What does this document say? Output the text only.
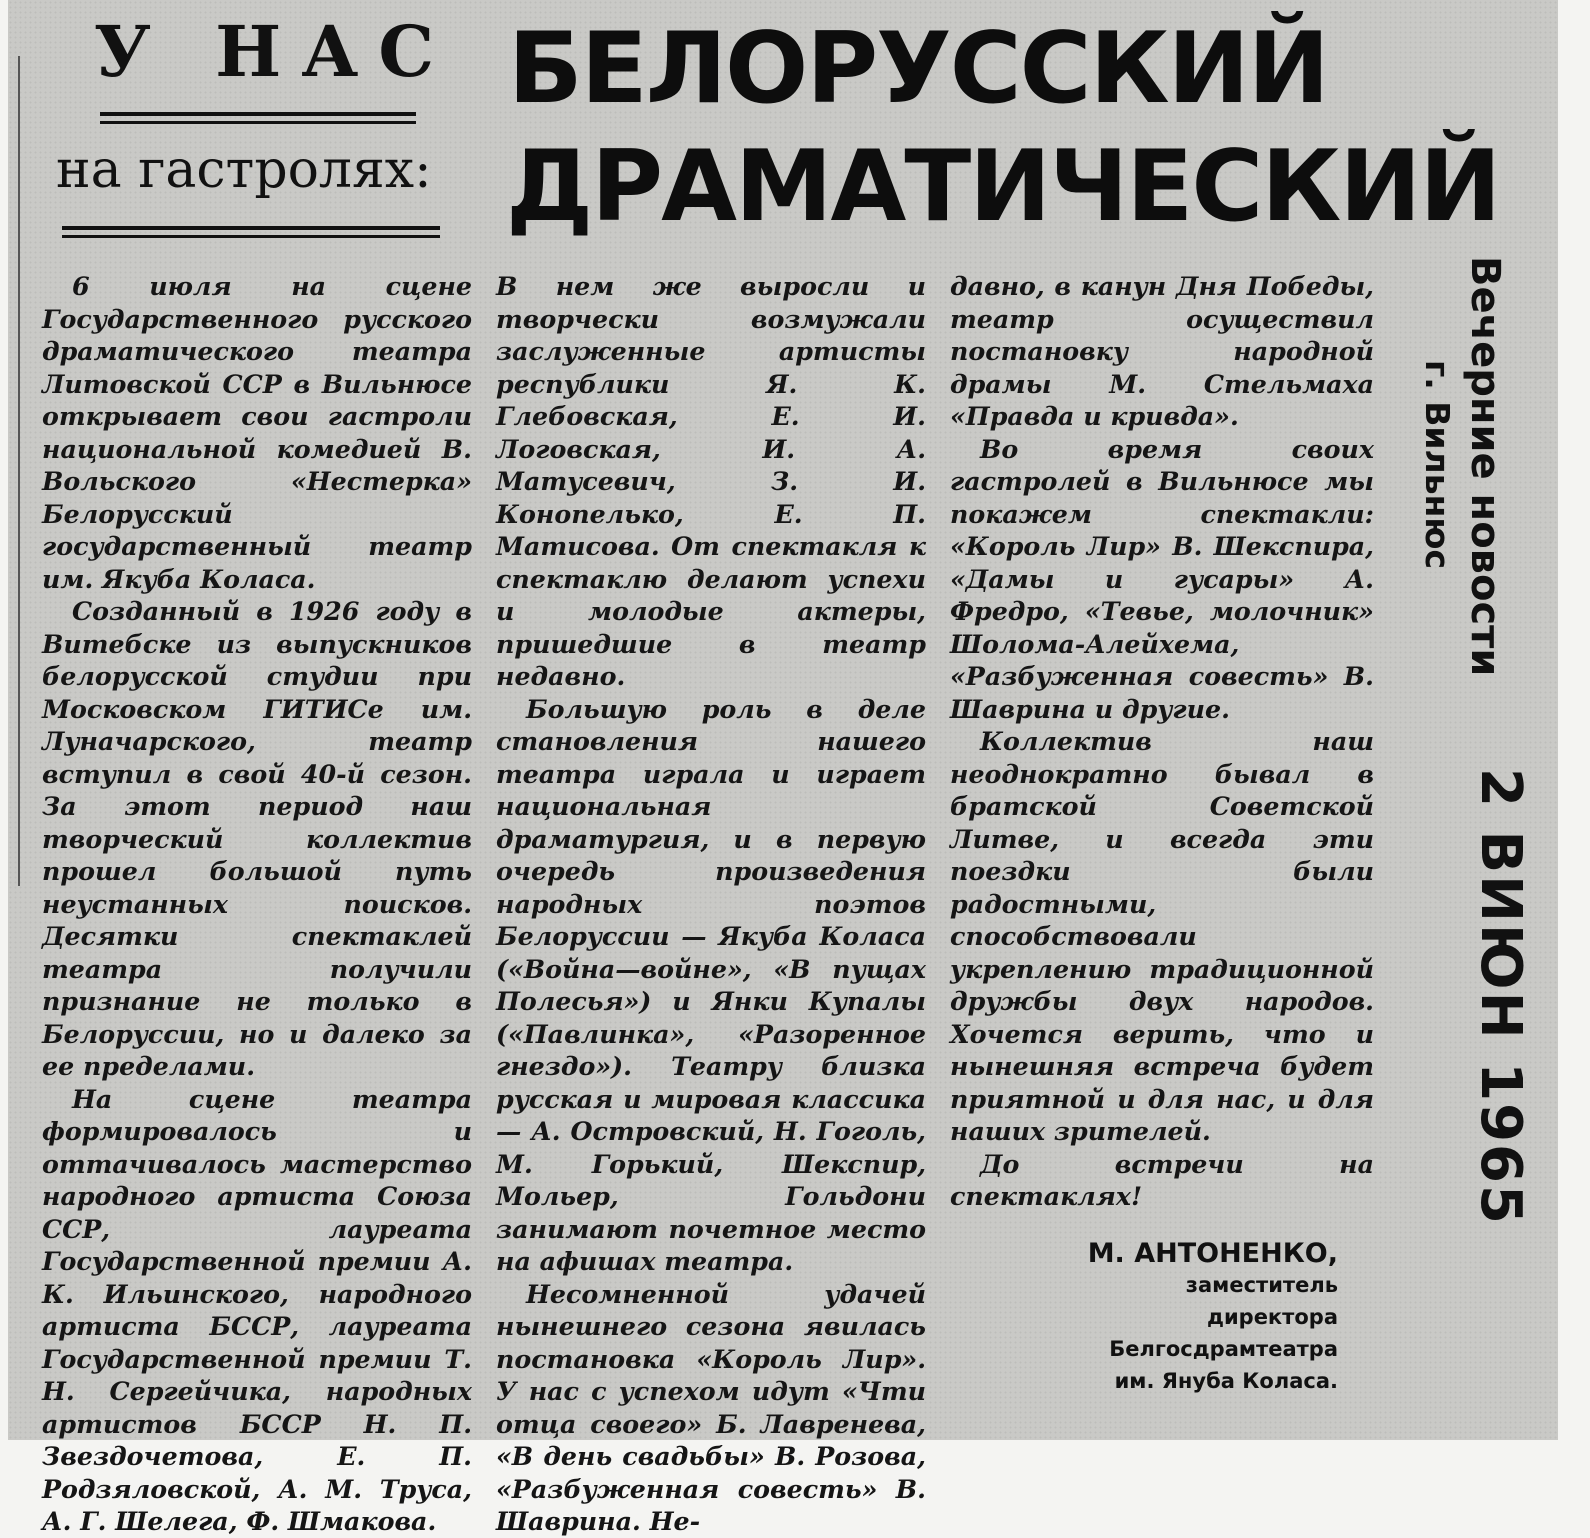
У НАС
на гастролях:
БЕЛОРУССКИЙ
ДРАМАТИЧЕСКИЙ

6 июля на сцене Государственного русского драматического театра Литовской ССР в Вильнюсе открывает свои гастроли национальной комедией В. Вольского «Нестерка» Белорусский государственный театр им. Якуба Коласа.

Созданный в 1926 году в Витебске из выпускников белорусской студии при Московском ГИТИСе им. Луначарского, театр вступил в свой 40-й сезон. За этот период наш творческий коллектив прошел большой путь неустанных поисков. Десятки спектаклей театра получили признание не только в Белоруссии, но и далеко за ее пределами.

На сцене театра формировалось и оттачивалось мастерство народного артиста Союза ССР, лауреата Государственной премии А. К. Ильинского, народного артиста БССР, лауреата Государственной премии Т. Н. Сергейчика, народных артистов БССР Н. П. Звездочетова, Е. П. Родзяловской, А. М. Труса, А. Г. Шелега, Ф. Шмакова.

В нем же выросли и творчески возмужали заслуженные артисты республики Я. К. Глебовская, Е. И. Логовская, И. А. Матусевич, З. И. Конопелько, Е. П. Матисова. От спектакля к спектаклю делают успехи и молодые актеры, пришедшие в театр недавно.

Большую роль в деле становления нашего театра играла и играет национальная драматургия, и в первую очередь произведения народных поэтов Белоруссии — Якуба Коласа («Война—войне», «В пущах Полесья») и Янки Купалы («Павлинка», «Разоренное гнездо»). Театру близка русская и мировая классика — А. Островский, Н. Гоголь, М. Горький, Шекспир, Мольер, Гольдони занимают почетное место на афишах театра.

Несомненной удачей нынешнего сезона явилась постановка «Король Лир». У нас с успехом идут «Чти отца своего» Б. Лавренева, «В день свадьбы» В. Розова, «Разбуженная совесть» В. Шаврина. Не-

давно, в канун Дня Победы, театр осуществил постановку народной драмы М. Стельмаха «Правда и кривда».

Во время своих гастролей в Вильнюсе мы покажем спектакли: «Король Лир» В. Шекспира, «Дамы и гусары» А. Фредро, «Тевье, молочник» Шолома-Алейхема, «Разбуженная совесть» В. Шаврина и другие.

Коллектив наш неоднократно бывал в братской Советской Литве, и всегда эти поездки были радостными, способствовали укреплению традиционной дружбы двух народов. Хочется верить, что и нынешняя встреча будет приятной и для нас, и для наших зрителей.

До встречи на спектаклях!

М. АНТОНЕНКО,
заместитель
директора
Белгосдрамтеатра
им. Януба Коласа.
Вечерние новости
г. Вильнюс
2 ВИЮН 1965
